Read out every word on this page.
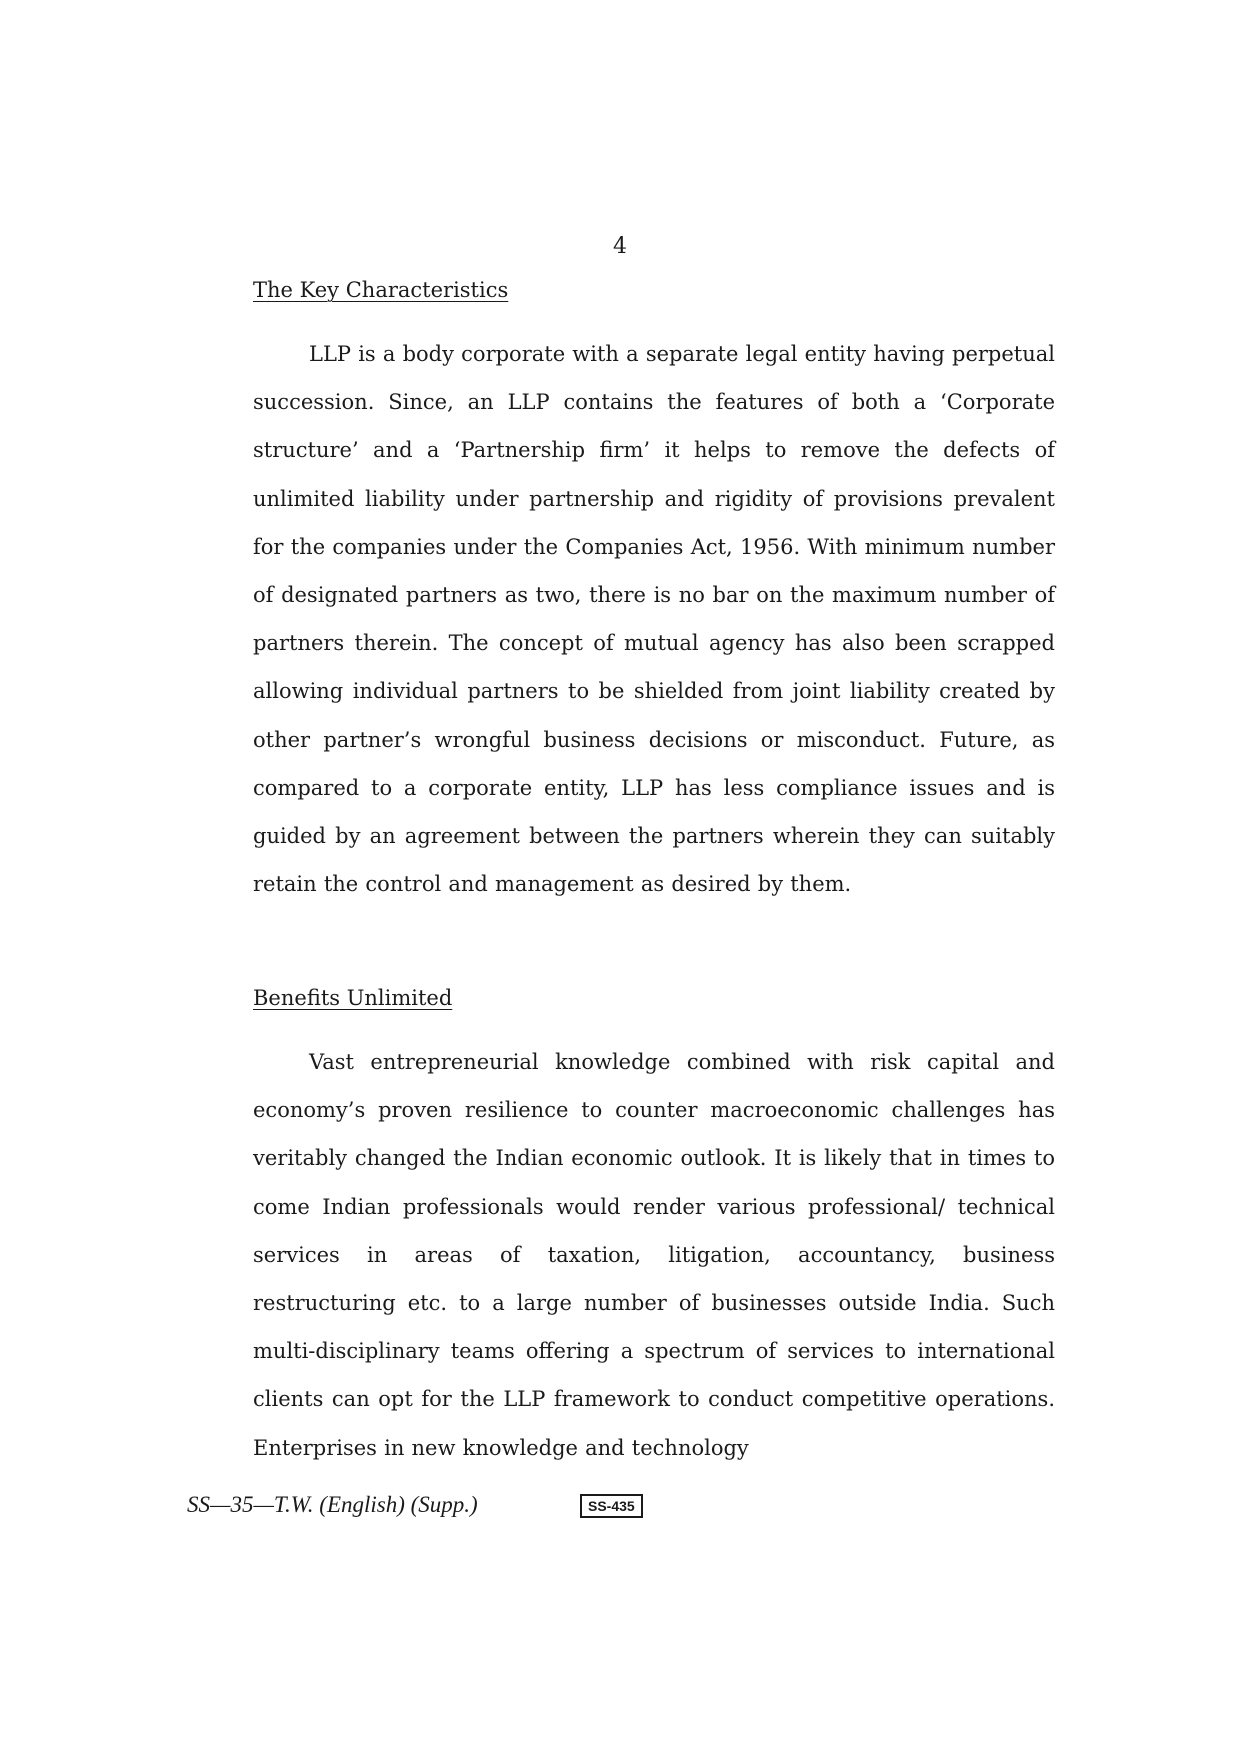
4
The Key Characteristics

LLP is a body corporate with a separate legal entity having perpetual succession. Since, an LLP contains the features of both a ‘Corporate structure’ and a ‘Partnership firm’ it helps to remove the defects of unlimited liability under partnership and rigidity of provisions prevalent for the companies under the Companies Act, 1956. With minimum number of designated partners as two, there is no bar on the maximum number of partners therein. The concept of mutual agency has also been scrapped allowing individual partners to be shielded from joint liability created by other partner’s wrongful business decisions or misconduct. Future, as compared to a corporate entity, LLP has less compliance issues and is guided by an agreement between the partners wherein they can suitably retain the control and management as desired by them.

Benefits Unlimited

Vast entrepreneurial knowledge combined with risk capital and economy’s proven resilience to counter macroeconomic challenges has veritably changed the Indian economic outlook. It is likely that in times to come Indian professionals would render various professional/ technical services in areas of taxation, litigation, accountancy, business restructuring etc. to a large number of businesses outside India. Such multi-disciplinary teams offering a spectrum of services to international clients can opt for the LLP framework to conduct competitive operations. Enterprises in new knowledge and technology

SS—35—T.W. (English) (Supp.)	SS-435
